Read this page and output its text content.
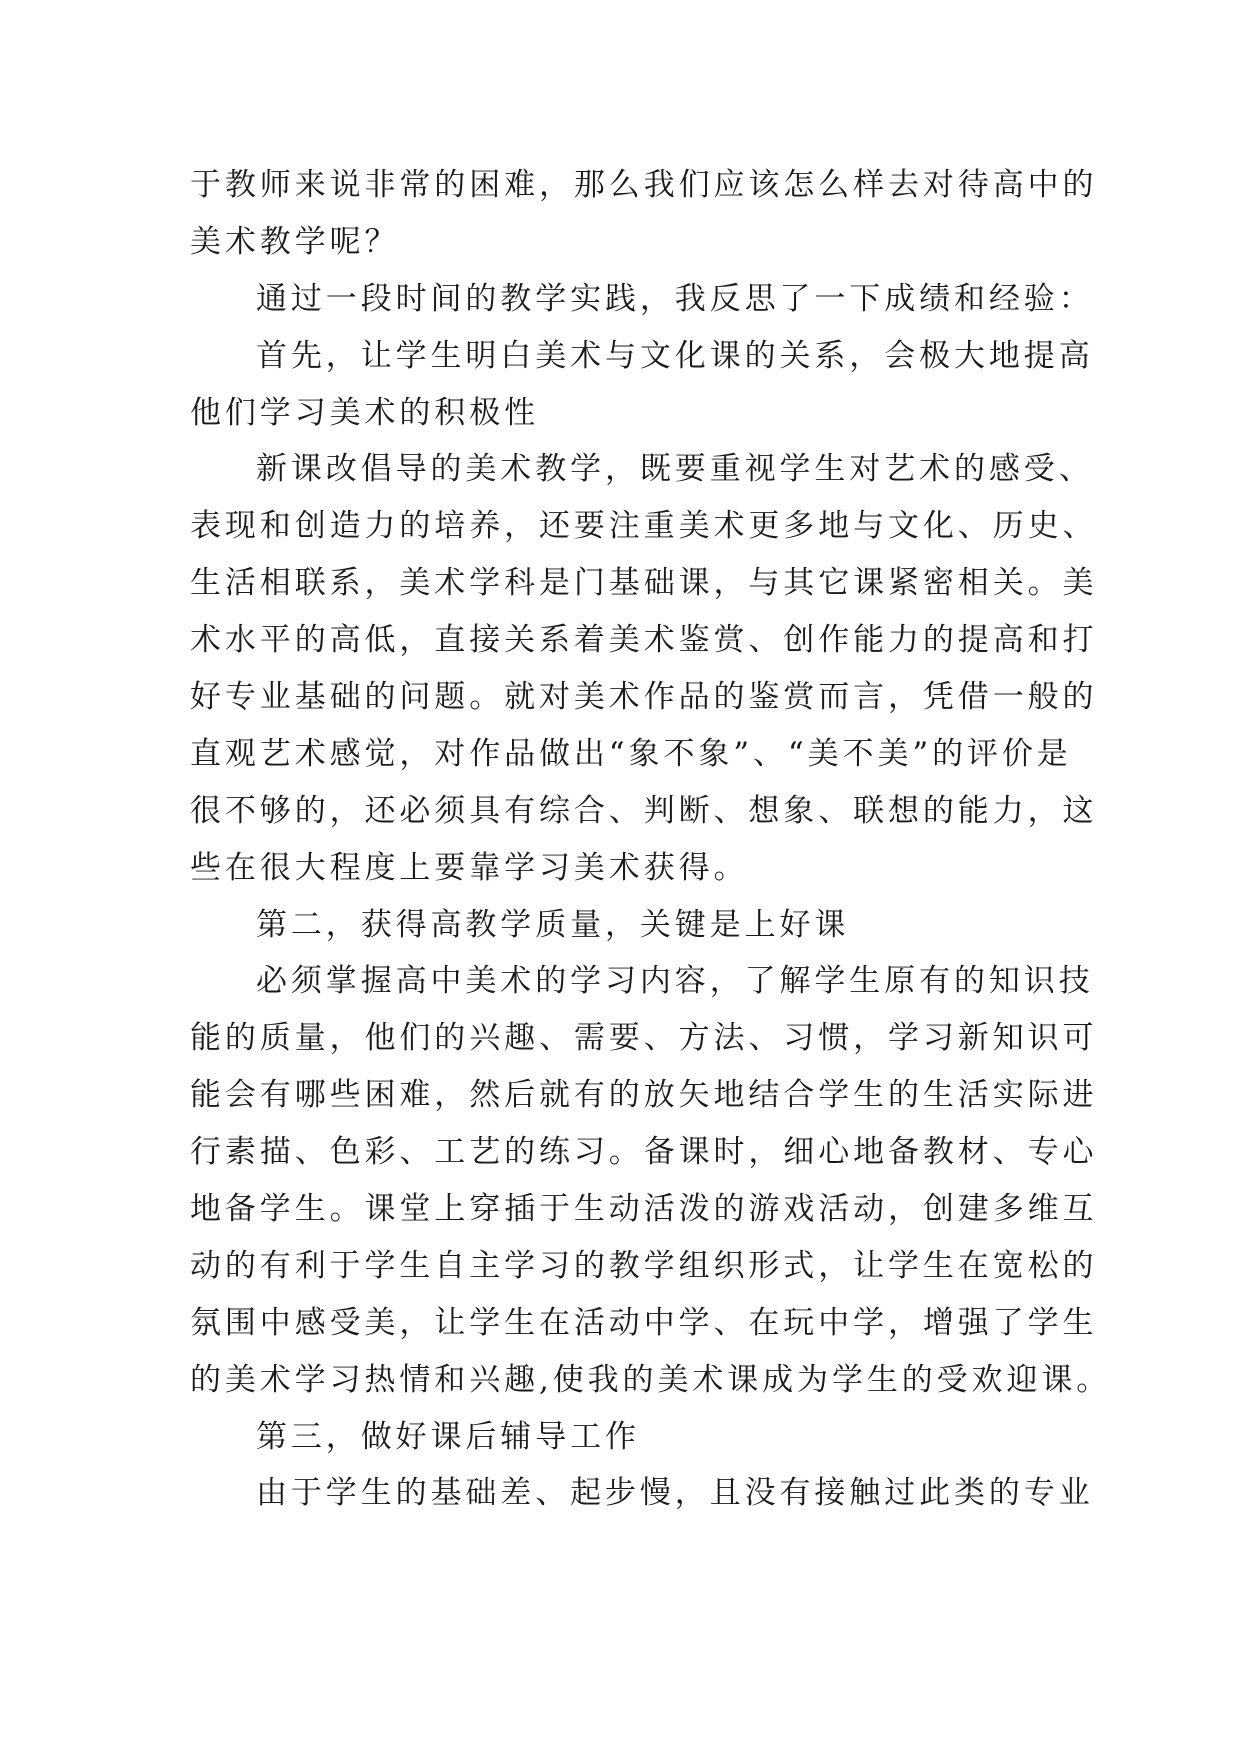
于教师来说非常的困难，那么我们应该怎么样去对待高中的

美术教学呢？

通过一段时间的教学实践，我反思了一下成绩和经验：

首先，让学生明白美术与文化课的关系，会极大地提高

他们学习美术的积极性

新课改倡导的美术教学，既要重视学生对艺术的感受、

表现和创造力的培养，还要注重美术更多地与文化、历史、

生活相联系，美术学科是门基础课，与其它课紧密相关。美

术水平的高低，直接关系着美术鉴赏、创作能力的提高和打

好专业基础的问题。就对美术作品的鉴赏而言，凭借一般的

直观艺术感觉，对作品做出“象不象”、“美不美”的评价是

很不够的，还必须具有综合、判断、想象、联想的能力，这

些在很大程度上要靠学习美术获得。

第二，获得高教学质量，关键是上好课

必须掌握高中美术的学习内容，了解学生原有的知识技

能的质量，他们的兴趣、需要、方法、习惯，学习新知识可

能会有哪些困难，然后就有的放矢地结合学生的生活实际进

行素描、色彩、工艺的练习。备课时，细心地备教材、专心

地备学生。课堂上穿插于生动活泼的游戏活动，创建多维互

动的有利于学生自主学习的教学组织形式，让学生在宽松的

氛围中感受美，让学生在活动中学、在玩中学，增强了学生

的美术学习热情和兴趣,使我的美术课成为学生的受欢迎课。

第三，做好课后辅导工作

由于学生的基础差、起步慢，且没有接触过此类的专业
